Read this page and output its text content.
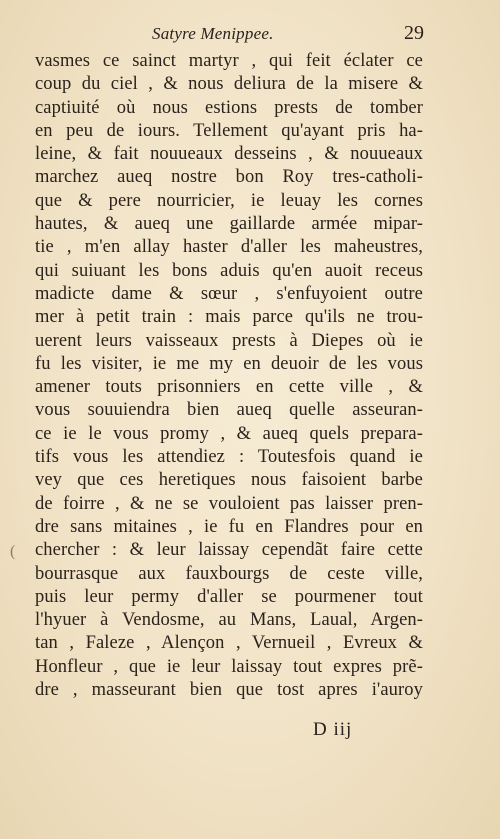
Satyre Menippee.	29
vasmes ce sainct martyr , qui feit éclater ce
coup du ciel , & nous deliura de la misere &
captiuité où nous estions prests de tomber
en peu de iours. Tellement qu'ayant pris ha-
leine, & fait nouueaux desseins , & nouueaux
marchez aueq nostre bon Roy tres-catholi-
que & pere nourricier, ie leuay les cornes
hautes, & aueq une gaillarde armée mipar-
tie , m'en allay haster d'aller les maheustres,
qui suiuant les bons aduis qu'en auoit receus
madicte dame & sœur , s'enfuyoient outre
mer à petit train : mais parce qu'ils ne trou-
uerent leurs vaisseaux prests à Diepes où ie
fu les visiter, ie me my en deuoir de les vous
amener touts prisonniers en cette ville , &
vous souuiendra bien aueq quelle asseuran-
ce ie le vous promy , & aueq quels prepara-
tifs vous les attendiez : Toutesfois quand ie
vey que ces heretiques nous faisoient barbe
de foirre , & ne se vouloient pas laisser pren-
dre sans mitaines , ie fu en Flandres pour en
chercher : & leur laissay cependãt faire cette
bourrasque aux fauxbourgs de ceste ville,
puis leur permy d'aller se pourmener tout
l'hyuer à Vendosme, au Mans, Laual, Argen-
tan , Faleze , Alençon , Vernueil , Evreux &
Honfleur , que ie leur laissay tout expres prẽ-
dre , masseurant bien que tost apres i'auroy
(
D iij
